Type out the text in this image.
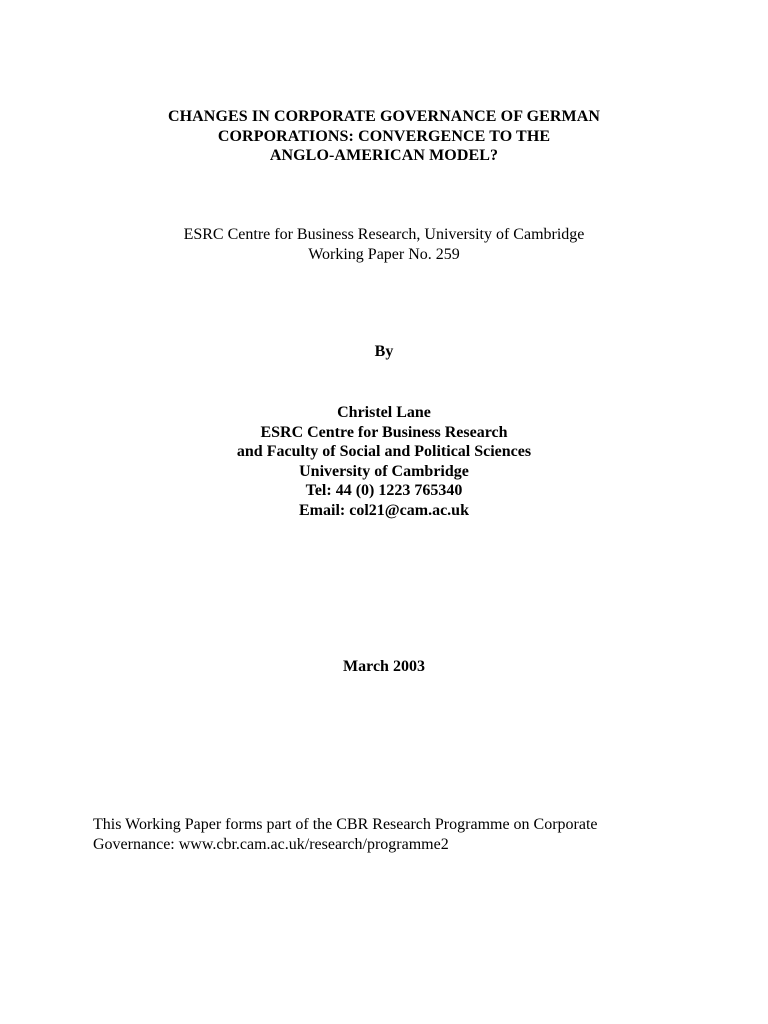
CHANGES IN CORPORATE GOVERNANCE OF GERMAN
CORPORATIONS: CONVERGENCE TO THE
ANGLO-AMERICAN MODEL?
ESRC Centre for Business Research, University of Cambridge
Working Paper No. 259
By
Christel Lane
ESRC Centre for Business Research
and Faculty of Social and Political Sciences
University of Cambridge
Tel: 44 (0) 1223 765340
Email: col21@cam.ac.uk
March 2003
This Working Paper forms part of the CBR Research Programme on Corporate
Governance: www.cbr.cam.ac.uk/research/programme2
